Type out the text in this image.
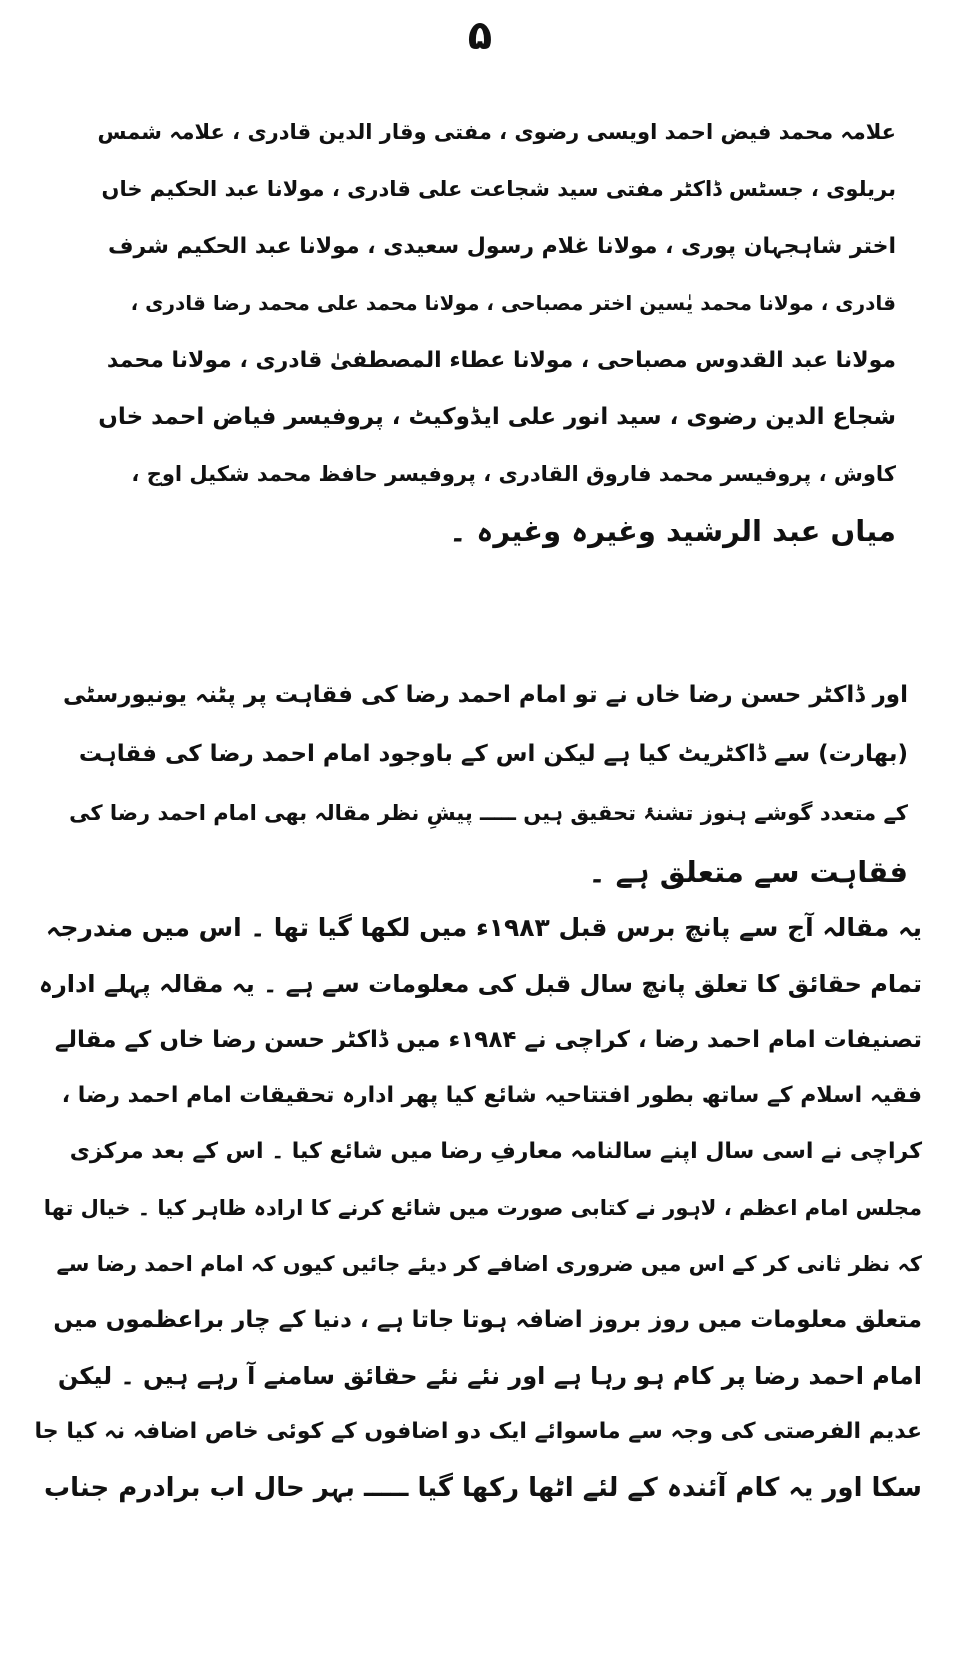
۵
علامہ محمد فیض احمد اویسی رضوی ، مفتی وقار الدین قادری ، علامہ شمس
بریلوی ، جسٹس ڈاکٹر مفتی سید شجاعت علی قادری ، مولانا عبد الحکیم خاں
اختر شاہجہان پوری ، مولانا غلام رسول سعیدی ، مولانا عبد الحکیم شرف
قادری ، مولانا محمد یٰسین اختر مصباحی ، مولانا محمد علی محمد رضا قادری ،
مولانا عبد القدوس مصباحی ، مولانا عطاء المصطفیٰ قادری ، مولانا محمد
شجاع الدین رضوی ، سید انور علی ایڈوکیٹ ، پروفیسر فیاض احمد خاں
کاوش ، پروفیسر محمد فاروق القادری ، پروفیسر حافظ محمد شکیل اوج ،
میاں عبد الرشید وغیرہ وغیرہ ۔
اور ڈاکٹر حسن رضا خاں نے تو امام احمد رضا کی فقاہت پر پٹنہ یونیورسٹی
(بھارت) سے ڈاکٹریٹ کیا ہے لیکن اس کے باوجود امام احمد رضا کی فقاہت
کے متعدد گوشے ہنوز تشنۂ تحقیق ہیں ـــــ پیشِ نظر مقالہ بھی امام احمد رضا کی
فقاہت سے متعلق ہے ۔
یہ مقالہ آج سے پانچ برس قبل ۱۹۸۳ء میں لکھا گیا تھا ۔ اس میں مندرجہ
تمام حقائق کا تعلق پانچ سال قبل کی معلومات سے ہے ۔ یہ مقالہ پہلے ادارہ
تصنیفات امام احمد رضا ، کراچی نے ۱۹۸۴ء میں ڈاکٹر حسن رضا خاں کے مقالے
فقیہ اسلام کے ساتھ بطور افتتاحیہ شائع کیا پھر ادارہ تحقیقات امام احمد رضا ،
کراچی نے اسی سال اپنے سالنامہ معارفِ رضا میں شائع کیا ۔ اس کے بعد مرکزی
مجلس امام اعظم ، لاہور نے کتابی صورت میں شائع کرنے کا ارادہ ظاہر کیا ۔ خیال تھا
کہ نظر ثانی کر کے اس میں ضروری اضافے کر دیئے جائیں کیوں کہ امام احمد رضا سے
متعلق معلومات میں روز بروز اضافہ ہوتا جاتا ہے ، دنیا کے چار براعظموں میں
امام احمد رضا پر کام ہو رہا ہے اور نئے نئے حقائق سامنے آ رہے ہیں ۔ لیکن
عدیم الفرصتی کی وجہ سے ماسوائے ایک دو اضافوں کے کوئی خاص اضافہ نہ کیا جا
سکا اور یہ کام آئندہ کے لئے اٹھا رکھا گیا ـــــ بہر حال اب برادرم جناب
